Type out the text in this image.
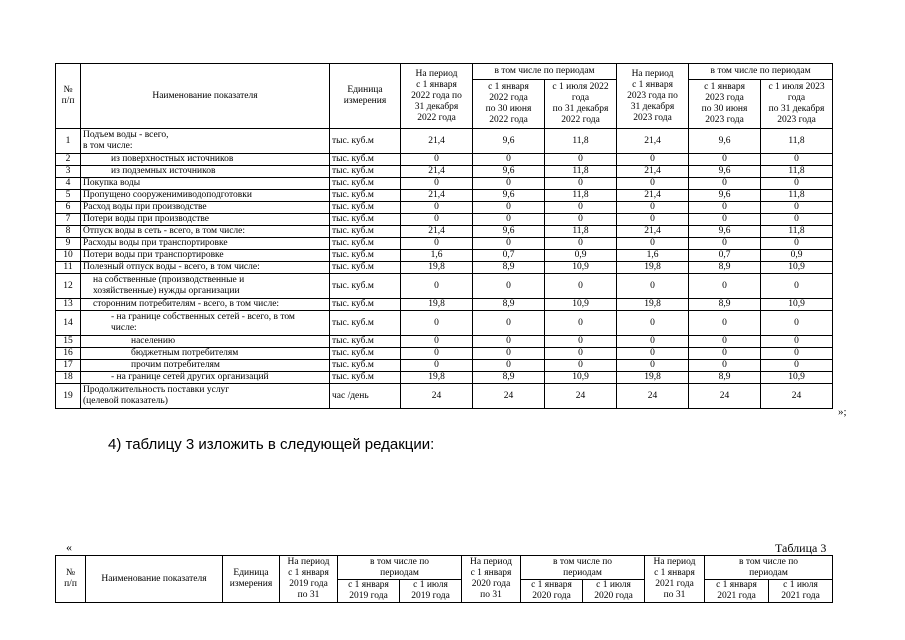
№
п/п	Наименование показателя	Единица
измерения	На период
с 1 января
2022 года по
31 декабря
2022 года	в том числе по периодам		На период
с 1 января
2023 года по
31 декабря
2023 года	в том числе по периодам	
				с 1 января
2022 года
по 30 июня
2022 года	с 1 июля 2022
года
по 31 декабря
2022 года		с 1 января
2023 года
по 30 июня
2023 года	с 1 июля 2023
года
по 31 декабря
2023 года
1	Подъем воды - всего,
в том числе:	тыс. куб.м	21,4	9,6	11,8	21,4	9,6	11,8
2	из поверхностных источников	тыс. куб.м	0	0	0	0	0	0
3	из подземных источников	тыс. куб.м	21,4	9,6	11,8	21,4	9,6	11,8
4	Покупка воды	тыс. куб.м	0	0	0	0	0	0
5	Пропущено сооруженимиводоподготовки	тыс. куб.м	21,4	9,6	11,8	21,4	9,6	11,8
6	Расход воды при производстве	тыс. куб.м	0	0	0	0	0	0
7	Потери воды при производстве	тыс. куб.м	0	0	0	0	0	0
8	Отпуск воды в сеть - всего, в том числе:	тыс. куб.м	21,4	9,6	11,8	21,4	9,6	11,8
9	Расходы воды при транспортировке	тыс. куб.м	0	0	0	0	0	0
10	Потери воды при транспортировке	тыс. куб.м	1,6	0,7	0,9	1,6	0,7	0,9
11	Полезный отпуск воды - всего, в том числе:	тыс. куб.м	19,8	8,9	10,9	19,8	8,9	10,9
12	на собственные (производственные и
хозяйственные) нужды организации	тыс. куб.м	0	0	0	0	0	0
13	сторонним потребителям - всего, в том числе:	тыс. куб.м	19,8	8,9	10,9	19,8	8,9	10,9
14	- на границе собственных сетей - всего, в том
числе:	тыс. куб.м	0	0	0	0	0	0
15	населению	тыс. куб.м	0	0	0	0	0	0
16	бюджетным потребителям	тыс. куб.м	0	0	0	0	0	0
17	прочим потребителям	тыс. куб.м	0	0	0	0	0	0
18	- на границе сетей других организаций	тыс. куб.м	19,8	8,9	10,9	19,8	8,9	10,9
19	Продолжительность поставки услуг
(целевой показатель)	час /день	24	24	24	24	24	24
»;
4) таблицу 3 изложить в следующей редакции:
«	Таблица 3
№
п/п	Наименование показателя	Единица
измерения	На период
с 1 января
2019 года
по 31	в том числе по
периодам		На период
с 1 января
2020 года
по 31	в том числе по
периодам		На период
с 1 января
2021 года
по 31	в том числе по
периодам	
				с 1 января
2019 года	с 1 июля
2019 года		с 1 января
2020 года	с 1 июля
2020 года		с 1 января
2021 года	с 1 июля
2021 года
